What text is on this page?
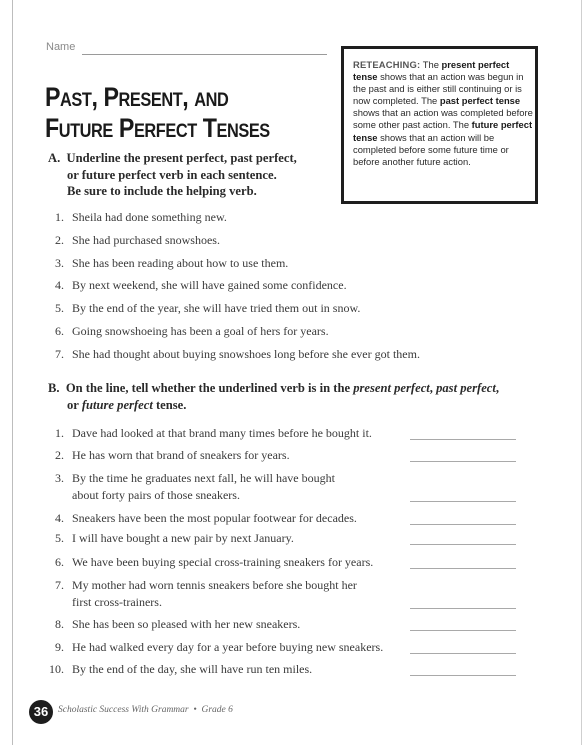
Name
Past, Present, and
Future Perfect Tenses
RETEACHING: The present perfect tense shows that an action was begun in the past and is either still continuing or is now completed. The past perfect tense shows that an action was completed before some other past action. The future perfect tense shows that an action will be completed before some future time or before another future action.
A. Underline the present perfect, past perfect,
or future perfect verb in each sentence.
Be sure to include the helping verb.
1. Sheila had done something new.
2. She had purchased snowshoes.
3. She has been reading about how to use them.
4. By next weekend, she will have gained some confidence.
5. By the end of the year, she will have tried them out in snow.
6. Going snowshoeing has been a goal of hers for years.
7. She had thought about buying snowshoes long before she ever got them.
B. On the line, tell whether the underlined verb is in the present perfect, past perfect,
or future perfect tense.
1. Dave had looked at that brand many times before he bought it.
2. He has worn that brand of sneakers for years.
3. By the time he graduates next fall, he will have bought
about forty pairs of those sneakers.
4. Sneakers have been the most popular footwear for decades.
5. I will have bought a new pair by next January.
6. We have been buying special cross-training sneakers for years.
7. My mother had worn tennis sneakers before she bought her
first cross-trainers.
8. She has been so pleased with her new sneakers.
9. He had walked every day for a year before buying new sneakers.
10. By the end of the day, she will have run ten miles.
36	Scholastic Success With Grammar • Grade 6
